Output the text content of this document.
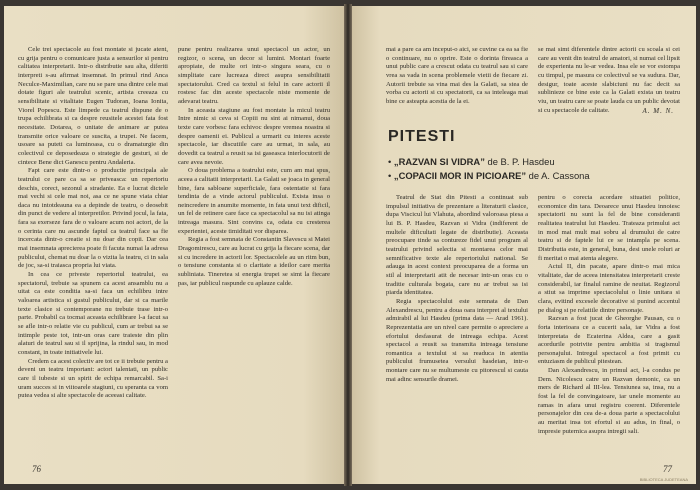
Cele trei spectacole au fost montate si jucate atent, cu grija pentru o comunicare justa a sensurilor si pentru calitatea interpretarii. Intr-o distributie sau alta, diferiti interpreti s-au afirmat insemnat. In primul rind Anca Neculce-Maximilian, care nu se pare una dintre cele mai dotate figuri ale teatrului scenic, artista creeaza cu sensibilitate si vitalitate Eugen Tudoran, Ioana Ionita, Viorel Popescu. Este limpede ca teatrul dispune de o trupa echilibrata si ca despre reusitele acestei fata fost necesitate. Dotarea, o unitate de animare ar putea transmite orice valoare ce suscita, a trupei. Ne facem, usoare sa puteti ca luminoasa, cu o dramaturgie din colectivul ce deposedeaza o strategie de gesturi, si de cintece Bene dict Ganescu pentru Andaleria.

Fapt care este dintr-o o productie principala ale teatrului ce pare ca sa se priveasca: un repertoriu deschis, corect, sezonul a stradanie. Ea e lucrat dictele mai vechi si cele mai noi, asa ce ne spune viata chiar daca nu intotdeauna ea a depinde de teatru, o deosebit din punct de vedere al interpretilor. Privind jocul, la fata, fara sa exerseze fara de o valoare acum noi actori, de la o cerinta care nu ascunde faptul ca teatrul face sa fie incercata dintr-o creatie si nu doar din copii. Dar cea mai insemnata aprecierea poate fi facuta numai la adresa publicului, chemat nu doar la o vizita la teatru, ci in sala de joc, sa-si traiasca propria lui viata.

In cea ce priveste repertoriul teatrului, ea spectatorul, trebuie sa spunem ca acest ansamblu nu a uitat ca este conditia sa-si faca un echilibru intre valoarea artistica si gustul publicului, dar si ca marile texte clasice si contemporane nu trebuie trase intr-o parte. Probabil ca tocmai aceasta echilibrare l-a facut sa se afle intr-o relatie vie cu publicul, cum ar trebui sa se intimple peste tot, intr-un oras care traieste din plin alaturi de teatrul sau si il sprijina, la rindul sau, in mod constant, in toate initiativele lui.

Credem ca acest colectiv are tot ce ii trebuie pentru a deveni un teatru important: actori talentati, un public care il iubeste si un spirit de echipa remarcabil. Sa-i uram succes si in viitoarele stagiuni, cu speranta ca vom putea vedea si alte spectacole de aceeasi calitate.

pune pentru realizarea unui spectacol un actor, un regizor, o scena, un decor si lumini. Montari foarte apropiate, de multe ori intr-o singura seara, cu o simplitate care lucreaza direct asupra sensibilitatii spectatorului. Cred ca textul si felul in care actorii il rostesc fac din aceste spectacole niste momente de adevarat teatru.

In aceasta stagiune au fost montate la micul teatru Intre nimic si ceva si Copiii nu sint ai nimanui, doua texte care vorbesc fara echivoc despre vremea noastra si despre oamenii ei. Publicul a urmarit cu interes aceste spectacole, iar discutiile care au urmat, in sala, au dovedit ca teatrul a reusit sa isi gaseasca interlocutorii de care avea nevoie.

O doua problema a teatrului este, cum am mai spus, aceea a calitatii interpretarii. La Galati se joaca in general bine, fara sabloane superficiale, fara ostentatie si fara tendinta de a vinde actorul publicului. Exista insa o neincredere in anumite momente, in fata unui text dificil, un fel de retinere care face ca spectacolul sa nu isi atinga intreaga masura. Sint convins ca, odata cu cresterea experientei, aceste timiditati vor disparea.

Regia a fost semnata de Constantin Slavescu si Matei Dragomirescu, care au lucrat cu grija la fiecare scena, dar si cu incredere in actorii lor. Spectacolele au un ritm bun, o tensiune constanta si o claritate a ideilor care merita subliniata. Tineretea si energia trupei se simt la fiecare pas, iar publicul raspunde cu aplauze calde.

76

mai a pare ca am inceput-o aici, se cuvine ca ea sa fie o continuare, nu o oprire. Este o dorinta fireasca a unui public care a crescut odata cu teatrul sau si care vrea sa vada in scena problemele vietii de fiecare zi. Autorii trebuie sa vina mai des la Galati, sa stea de vorba cu actorii si cu spectatorii, ca sa inteleaga mai bine ce asteapta acestia de la ei.

se mai simt diferentele dintre actorii cu scoala si cei care au venit din teatrul de amatori, si numai cel lipsit de experienta nu le-ar vedea. Insa ele se vor estompa cu timpul, pe masura ce colectivul se va sudura. Dar, desigur, toate aceste slabiciuni nu fac decit sa sublinieze ce bine este ca la Galati exista un teatru viu, un teatru care se poate lauda cu un public devotat si cu spectacole de calitate.	A. M. N.
PITESTI
• „RAZVAN SI VIDRA” de B. P. Hasdeu
• „COPACII MOR IN PICIOARE” de A. Cassona

Teatrul de Stat din Pitesti a continuat sub impulsul initiativa de prezentare a literaturii clasice, dupa Viscicul lui Vlahuta, abordind valoroasa piesa a lui B. P. Hasdeu, Razvan si Vidra (indiferent de multele dificultati legate de distributie). Aceasta preocupare tinde sa contureze fidel unui program al teatrului privind selectia si montarea celor mai semnificative texte ale repertoriului national. Se adauga in acest context preocuparea de a forma un stil al interpretarii atit de necesar intr-un oras cu o traditie culturala bogata, care nu ar trebui sa isi piarda identitatea.

Regia spectacolului este semnata de Dan Alexandrescu, pentru a doua oara interpret al textului admirabil al lui Hasdeu (prima data — Arad 1961). Reprezentatia are un nivel care permite o apreciere a efortului desfasurat de intreaga echipa. Acest spectacol a reusit sa transmita intreaga tensiune romantica a textului si sa readuca in atentia publicului frumusetea versului hasdeian, intr-o montare care nu se multumeste cu pitorescul si cauta mai adinc sensurile dramei.

pentru o corecta acordare situatiei politice, economice din tara. Deoarece unui Hasdeu innoiesc spectatorii nu sunt la fel de bine consideranti realitatea teatrului lui Hasdeu. Trateaza primului act in mod mai mult mai sobru al drumului de catre teatru si de faptele lui ce se intampla pe scena. Distributia este, in general, buna, desi unele roluri ar fi meritat o mai atenta alegere.

Actul II, din pacate, apare dintr-o mai mica vitalitate, dar de aceea intensitatea interpretarii creste considerabil, iar finalul ramine de neuitat. Regizorul a stiut sa imprime spectacolului o linie unitara si clara, evitind excesele decorative si punind accentul pe dialog si pe relatiile dintre personaje.

Razvan a fost jucat de Gheorghe Pausan, cu o forta interioara ce a cucerit sala, iar Vidra a fost interpretata de Ecaterina Aldea, care a gasit acordurile potrivite pentru ambitia si tragismul personajului. Intregul spectacol a fost primit cu entuziasm de publicul pitestean.

Dan Alexandrescu, in primul act, l-a condus pe Dem. Nicolescu catre un Razvan demonic, ca un mers de Richard al III-lea. Tensiunea sa, insa, nu a fost la fel de convingatoare, iar unele momente au ramas in afara unui registru coerent. Diferentele personajelor din cea de-a doua parte a spectacolului au meritat insa tot efortul si au adus, in final, o impresie puternica asupra intregii sali.

77
BIBLIOTECA JUDETEANA
